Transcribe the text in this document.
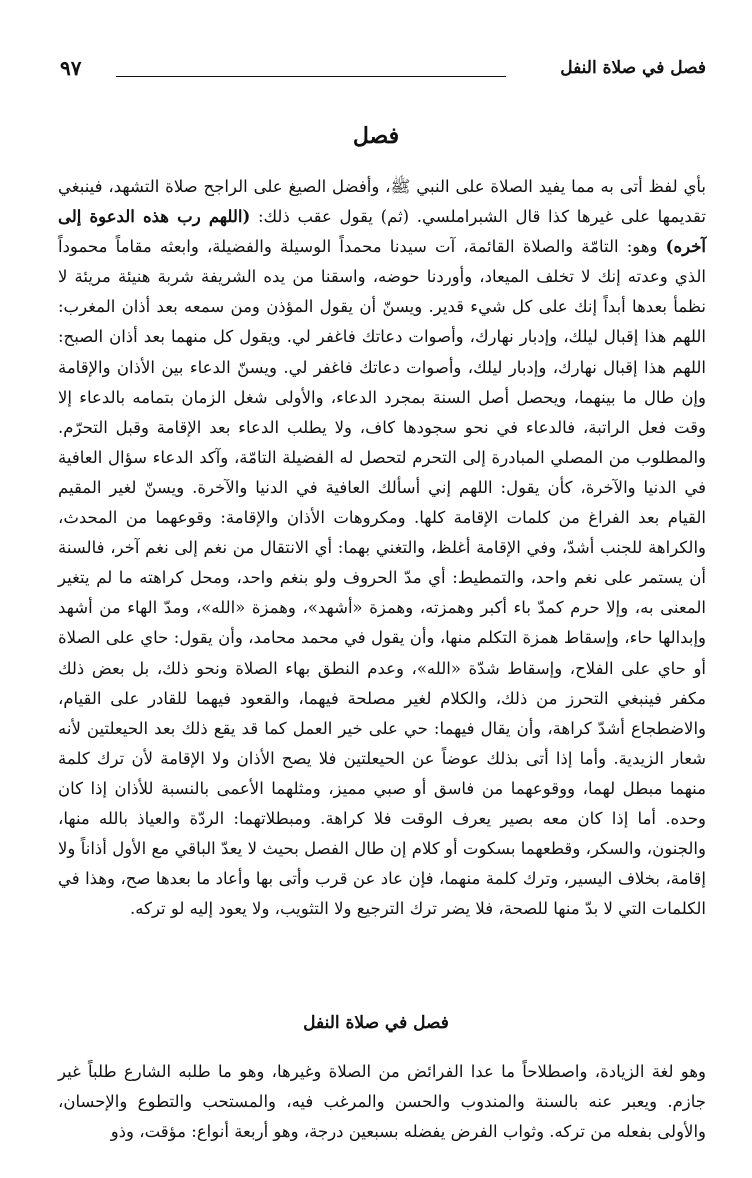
فصل في صلاة النفل
٩٧
فصل

بأي لفظ أتى به مما يفيد الصلاة على النبي ﷺ، وأفضل الصيغ على الراجح صلاة التشهد، فينبغي تقديمها على غيرها كذا قال الشبراملسي. (ثم) يقول عقب ذلك: (اللهم رب هذه الدعوة إلى آخره) وهو: التامّة والصلاة القائمة، آت سيدنا محمداً الوسيلة والفضيلة، وابعثه مقاماً محموداً الذي وعدته إنك لا تخلف الميعاد، وأوردنا حوضه، واسقنا من يده الشريفة شربة هنيئة مريئة لا نظمأ بعدها أبداً إنك على كل شيء قدير. ويسنّ أن يقول المؤذن ومن سمعه بعد أذان المغرب: اللهم هذا إقبال ليلك، وإدبار نهارك، وأصوات دعاتك فاغفر لي. ويقول كل منهما بعد أذان الصبح: اللهم هذا إقبال نهارك، وإدبار ليلك، وأصوات دعاتك فاغفر لي. ويسنّ الدعاء بين الأذان والإقامة وإن طال ما بينهما، ويحصل أصل السنة بمجرد الدعاء، والأولى شغل الزمان بتمامه بالدعاء إلا وقت فعل الراتبة، فالدعاء في نحو سجودها كاف، ولا يطلب الدعاء بعد الإقامة وقبل التحرّم. والمطلوب من المصلي المبادرة إلى التحرم لتحصل له الفضيلة التامّة، وآكد الدعاء سؤال العافية في الدنيا والآخرة، كأن يقول: اللهم إني أسألك العافية في الدنيا والآخرة. ويسنّ لغير المقيم القيام بعد الفراغ من كلمات الإقامة كلها. ومكروهات الأذان والإقامة: وقوعهما من المحدث، والكراهة للجنب أشدّ، وفي الإقامة أغلظ، والتغني بهما: أي الانتقال من نغم إلى نغم آخر، فالسنة أن يستمر على نغم واحد، والتمطيط: أي مدّ الحروف ولو بنغم واحد، ومحل كراهته ما لم يتغير المعنى به، وإلا حرم كمدّ باء أكبر وهمزته، وهمزة «أشهد»، وهمزة «الله»، ومدّ الهاء من أشهد وإبدالها حاء، وإسقاط همزة التكلم منها، وأن يقول في محمد محامد، وأن يقول: حاي على الصلاة أو حاي على الفلاح، وإسقاط شدّة «الله»، وعدم النطق بهاء الصلاة ونحو ذلك، بل بعض ذلك مكفر فينبغي التحرز من ذلك، والكلام لغير مصلحة فيهما، والقعود فيهما للقادر على القيام، والاضطجاع أشدّ كراهة، وأن يقال فيهما: حي على خير العمل كما قد يقع ذلك بعد الحيعلتين لأنه شعار الزيدية. وأما إذا أتى بذلك عوضاً عن الحيعلتين فلا يصح الأذان ولا الإقامة لأن ترك كلمة منهما مبطل لهما، ووقوعهما من فاسق أو صبي مميز، ومثلهما الأعمى بالنسبة للأذان إذا كان وحده. أما إذا كان معه بصير يعرف الوقت فلا كراهة. ومبطلاتهما: الردّة والعياذ بالله منها، والجنون، والسكر، وقطعهما بسكوت أو كلام إن طال الفصل بحيث لا يعدّ الباقي مع الأول أذاناً ولا إقامة، بخلاف اليسير، وترك كلمة منهما، فإن عاد عن قرب وأتى بها وأعاد ما بعدها صح، وهذا في الكلمات التي لا بدّ منها للصحة، فلا يضر ترك الترجيع ولا التثويب، ولا يعود إليه لو تركه.

فصل في صلاة النفل

وهو لغة الزيادة، واصطلاحاً ما عدا الفرائض من الصلاة وغيرها، وهو ما طلبه الشارع طلباً غير جازم. ويعبر عنه بالسنة والمندوب والحسن والمرغب فيه، والمستحب والتطوع والإحسان، والأولى بفعله من تركه. وثواب الفرض يفضله بسبعين درجة، وهو أربعة أنواع: مؤقت، وذو
